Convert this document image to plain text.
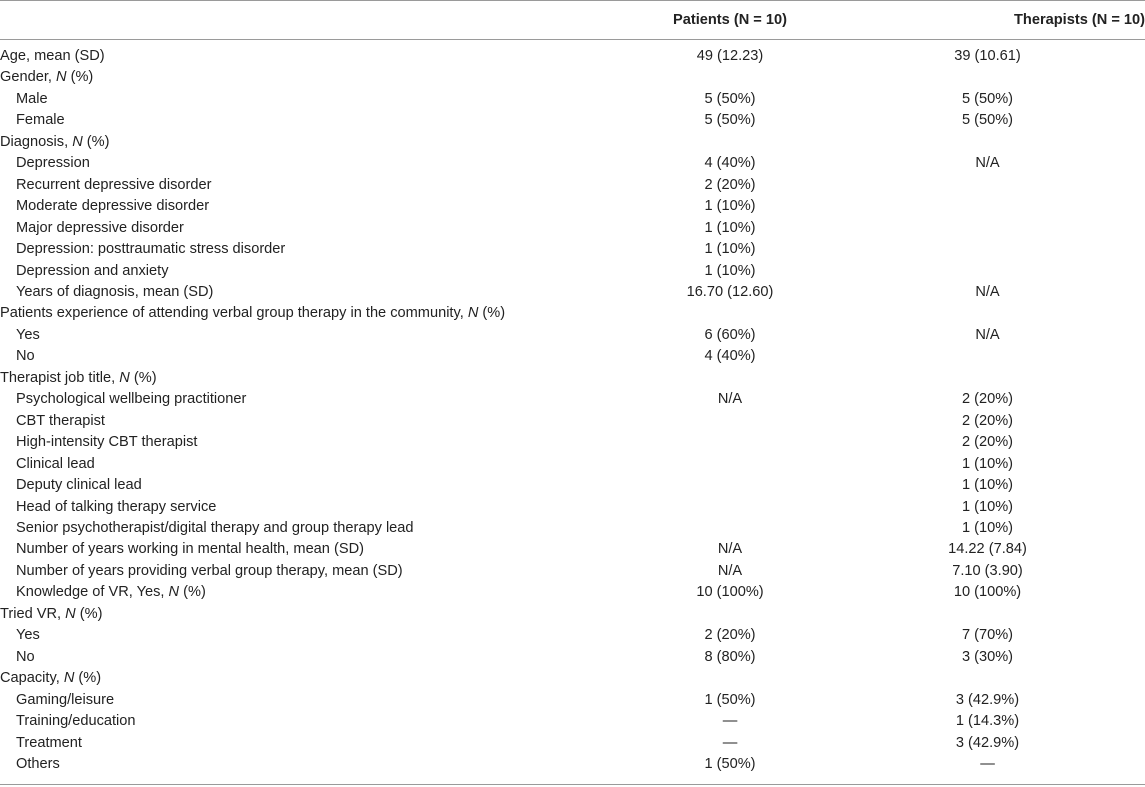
	Patients (N = 10)	Therapists (N = 10)
Age, mean (SD)	49 (12.23)	39 (10.61)
Gender, N (%)		
Male	5 (50%)	5 (50%)
Female	5 (50%)	5 (50%)
Diagnosis, N (%)		
Depression	4 (40%)	N/A
Recurrent depressive disorder	2 (20%)	
Moderate depressive disorder	1 (10%)	
Major depressive disorder	1 (10%)	
Depression: posttraumatic stress disorder	1 (10%)	
Depression and anxiety	1 (10%)	
Years of diagnosis, mean (SD)	16.70 (12.60)	N/A
Patients experience of attending verbal group therapy in the community, N (%)		
Yes	6 (60%)	N/A
No	4 (40%)	
Therapist job title, N (%)		
Psychological wellbeing practitioner	N/A	2 (20%)
CBT therapist		2 (20%)
High-intensity CBT therapist		2 (20%)
Clinical lead		1 (10%)
Deputy clinical lead		1 (10%)
Head of talking therapy service		1 (10%)
Senior psychotherapist/digital therapy and group therapy lead		1 (10%)
Number of years working in mental health, mean (SD)	N/A	14.22 (7.84)
Number of years providing verbal group therapy, mean (SD)	N/A	7.10 (3.90)
Knowledge of VR, Yes, N (%)	10 (100%)	10 (100%)
Tried VR, N (%)		
Yes	2 (20%)	7 (70%)
No	8 (80%)	3 (30%)
Capacity, N (%)		
Gaming/leisure	1 (50%)	3 (42.9%)
Training/education	—	1 (14.3%)
Treatment	—	3 (42.9%)
Others	1 (50%)	—
